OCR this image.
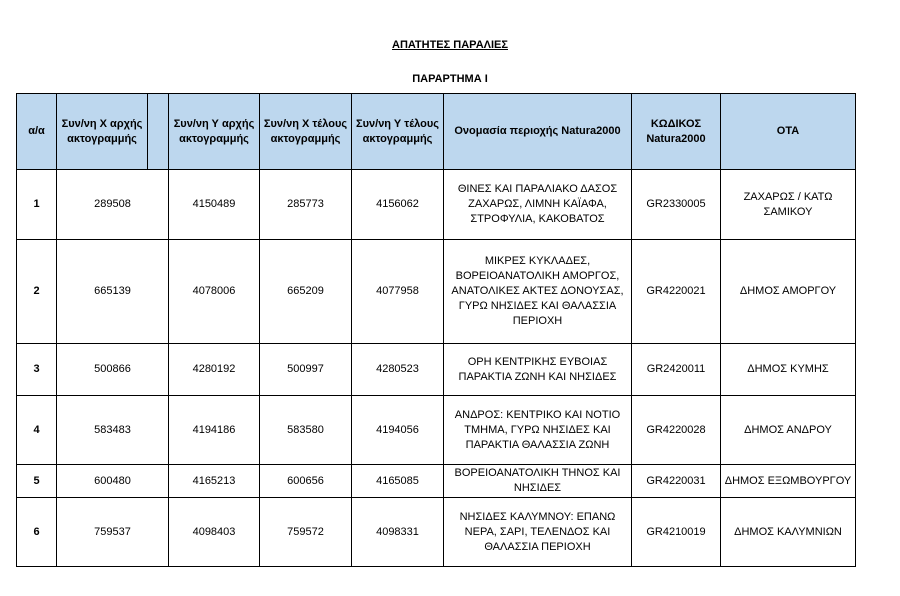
ΑΠΑΤΗΤΕΣ ΠΑΡΑΛΙΕΣ
ΠΑΡΑΡΤΗΜΑ Ι
α/α	Συν/νη Χ αρχής ακτογραμμής		Συν/νη Υ αρχής ακτογραμμής	Συν/νη Χ τέλους ακτογραμμής	Συν/νη Υ τέλους ακτογραμμής	Ονομασία περιοχής Natura2000	ΚΩΔΙΚΟΣ Natura2000	ΟΤΑ
1	289508		4150489	285773	4156062	ΘΙΝΕΣ ΚΑΙ ΠΑΡΑΛΙΑΚΟ ΔΑΣΟΣ ΖΑΧΑΡΩΣ, ΛΙΜΝΗ ΚΑΪΑΦΑ, ΣΤΡΟΦΥΛΙΑ, ΚΑΚΟΒΑΤΟΣ	GR2330005	ΖΑΧΑΡΩΣ / ΚΑΤΩ ΣΑΜΙΚΟΥ
2	665139		4078006	665209	4077958	ΜΙΚΡΕΣ ΚΥΚΛΑΔΕΣ, ΒΟΡΕΙΟΑΝΑΤΟΛΙΚΗ ΑΜΟΡΓΟΣ, ΑΝΑΤΟΛΙΚΕΣ ΑΚΤΕΣ ΔΟΝΟΥΣΑΣ, ΓΥΡΩ ΝΗΣΙΔΕΣ ΚΑΙ ΘΑΛΑΣΣΙΑ ΠΕΡΙΟΧΗ	GR4220021	ΔΗΜΟΣ ΑΜΟΡΓΟΥ
3	500866		4280192	500997	4280523	ΟΡΗ ΚΕΝΤΡΙΚΗΣ ΕΥΒΟΙΑΣ ΠΑΡΑΚΤΙΑ ΖΩΝΗ ΚΑΙ ΝΗΣΙΔΕΣ	GR2420011	ΔΗΜΟΣ ΚΥΜΗΣ
4	583483		4194186	583580	4194056	ΑΝΔΡΟΣ: ΚΕΝΤΡΙΚΟ ΚΑΙ ΝΟΤΙΟ ΤΜΗΜΑ, ΓΥΡΩ ΝΗΣΙΔΕΣ ΚΑΙ ΠΑΡΑΚΤΙΑ ΘΑΛΑΣΣΙΑ ΖΩΝΗ	GR4220028	ΔΗΜΟΣ ΑΝΔΡΟΥ
5	600480		4165213	600656	4165085	ΒΟΡΕΙΟΑΝΑΤΟΛΙΚΗ ΤΗΝΟΣ ΚΑΙ ΝΗΣΙΔΕΣ	GR4220031	ΔΗΜΟΣ ΕΞΩΜΒΟΥΡΓΟΥ
6	759537		4098403	759572	4098331	ΝΗΣΙΔΕΣ ΚΑΛΥΜΝΟΥ: ΕΠΑΝΩ ΝΕΡΑ, ΣΑΡΙ, ΤΕΛΕΝΔΟΣ ΚΑΙ ΘΑΛΑΣΣΙΑ ΠΕΡΙΟΧΗ	GR4210019	ΔΗΜΟΣ ΚΑΛΥΜΝΙΩΝ
